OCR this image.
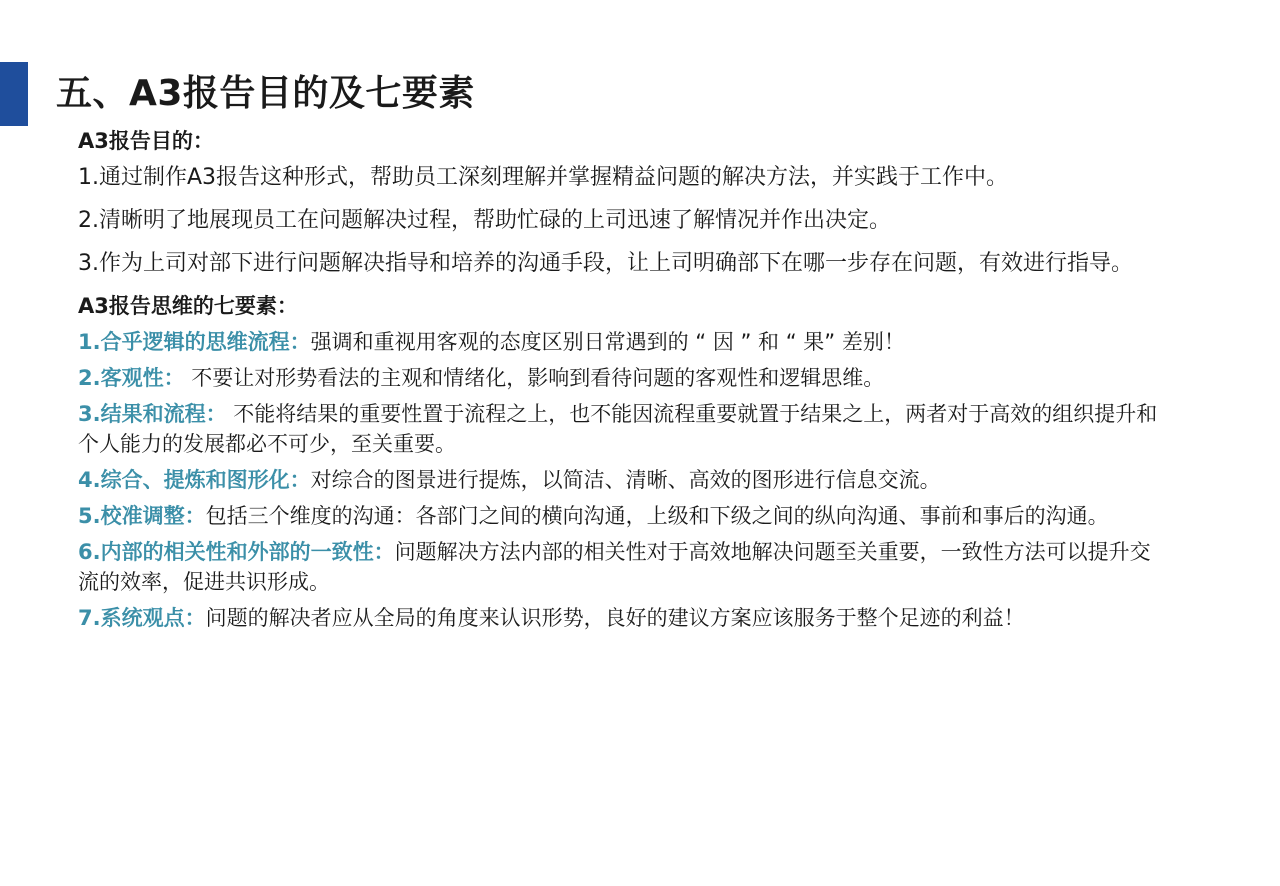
五、A3报告目的及七要素
A3报告目的：
1.通过制作A3报告这种形式，帮助员工深刻理解并掌握精益问题的解决方法，并实践于工作中。
2.清晰明了地展现员工在问题解决过程，帮助忙碌的上司迅速了解情况并作出决定。
3.作为上司对部下进行问题解决指导和培养的沟通手段，让上司明确部下在哪一步存在问题，有效进行指导。
A3报告思维的七要素：
1.合乎逻辑的思维流程：强调和重视用客观的态度区别日常遇到的 “ 因 ” 和 “ 果” 差别！
2.客观性： 不要让对形势看法的主观和情绪化，影响到看待问题的客观性和逻辑思维。
3.结果和流程： 不能将结果的重要性置于流程之上，也不能因流程重要就置于结果之上，两者对于高效的组织提升和个人能力的发展都必不可少，至关重要。
4.综合、提炼和图形化：对综合的图景进行提炼，以简洁、清晰、高效的图形进行信息交流。
5.校准调整：包括三个维度的沟通：各部门之间的横向沟通，上级和下级之间的纵向沟通、事前和事后的沟通。
6.内部的相关性和外部的一致性：问题解决方法内部的相关性对于高效地解决问题至关重要，一致性方法可以提升交流的效率，促进共识形成。
7.系统观点：问题的解决者应从全局的角度来认识形势，良好的建议方案应该服务于整个足迹的利益！
